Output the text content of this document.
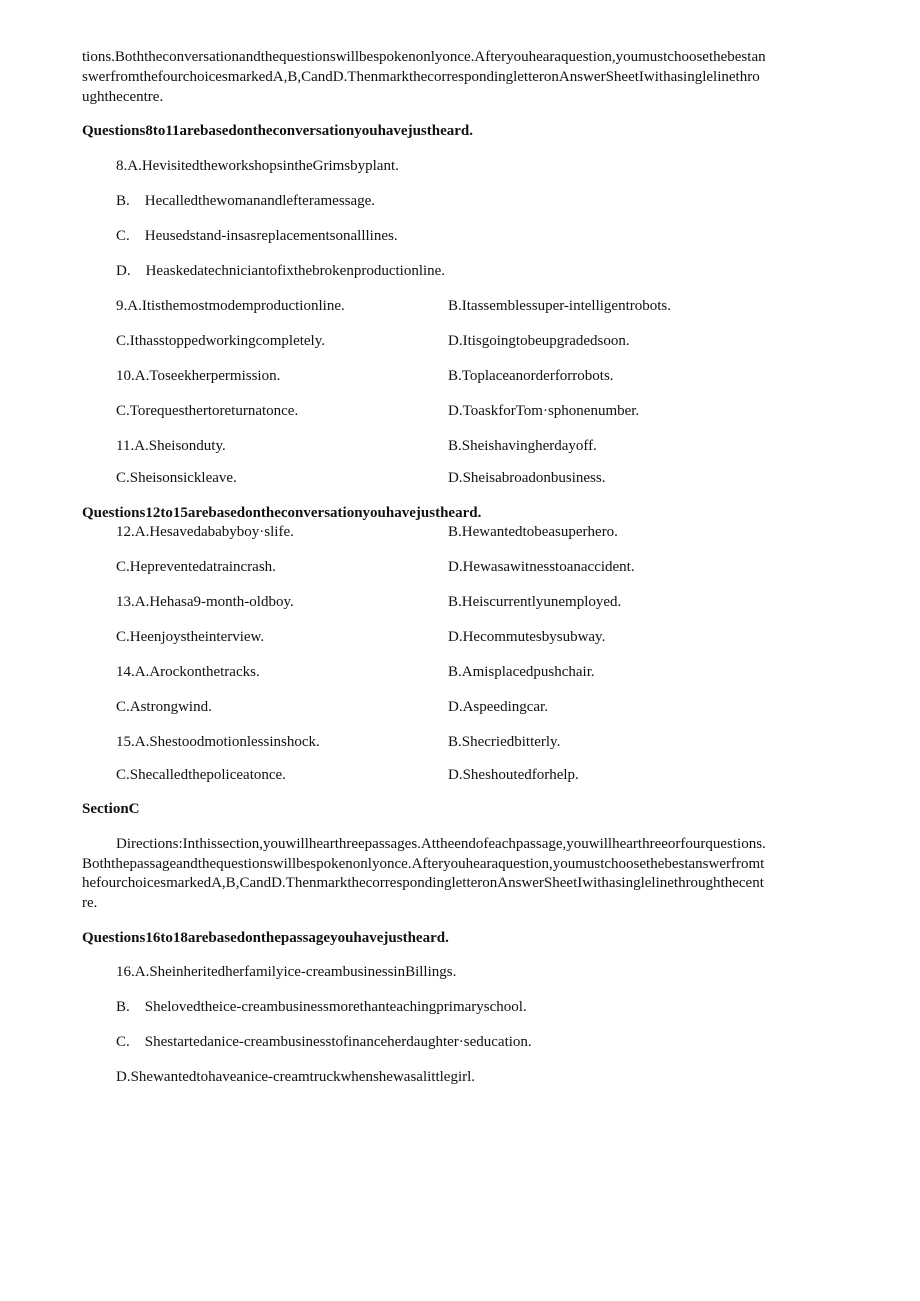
tions.Boththeconversationandthequestionswillbespokenonlyonce.Afteryouhearaquestion,youmustchoosethebestan
swerfromthefourchoicesmarkedA,B,CandD.ThenmarkthecorrespondingletteronAnswerSheetIwithasinglelinethro
ughthecentre.
Questions8to11arebasedontheconversationyouhavejustheard.
8.A.HevisitedtheworkshopsintheGrimsbyplant.
B. Hecalledthewomanandlefteramessage.
C. Heusedstand-insasreplacementsonalllines.
D. Heaskedatechniciantofixthebrokenproductionline.
9.A.Itisthemostmodemproductionline.	B.Itassemblessuper-intelligentrobots.
C.Ithasstoppedworkingcompletely.	D.Itisgoingtobeupgradedsoon.
10.A.Toseekherpermission.	B.Toplaceanorderforrobots.
C.Torequesthertoreturnatonce.	D.ToaskforTom·sphonenumber.
11.A.Sheisonduty.	B.Sheishavingherdayoff.
C.Sheisonsickleave.	D.Sheisabroadonbusiness.
Questions12to15arebasedontheconversationyouhavejustheard.
12.A.Hesavedababyboy·slife.	B.Hewantedtobeasuperhero.
C.Hepreventedatraincrash.	D.Hewasawitnesstoanaccident.
13.A.Hehasa9-month-oldboy.	B.Heiscurrentlyunemployed.
C.Heenjoystheinterview.	D.Hecommutesbysubway.
14.A.Arockonthetracks.	B.Amisplacedpushchair.
C.Astrongwind.	D.Aspeedingcar.
15.A.Shestoodmotionlessinshock.	B.Shecriedbitterly.
C.Shecalledthepoliceatonce.	D.Sheshoutedforhelp.
SectionC
Directions:Inthissection,youwillhearthreepassages.Attheendofeachpassage,youwillhearthreeorfourquestions.
Boththepassageandthequestionswillbespokenonlyonce.Afteryouhearaquestion,youmustchoosethebestanswerfromt
hefourchoicesmarkedA,B,CandD.ThenmarkthecorrespondingletteronAnswerSheetIwithasinglelinethroughthecent
re.
Questions16to18arebasedonthepassageyouhavejustheard.
16.A.Sheinheritedherfamilyice-creambusinessinBillings.
B. Shelovedtheice-creambusinessmorethanteachingprimaryschool.
C. Shestartedanice-creambusinesstofinanceherdaughter·seducation.
D.Shewantedtohaveanice-creamtruckwhenshewasalittlegirl.
